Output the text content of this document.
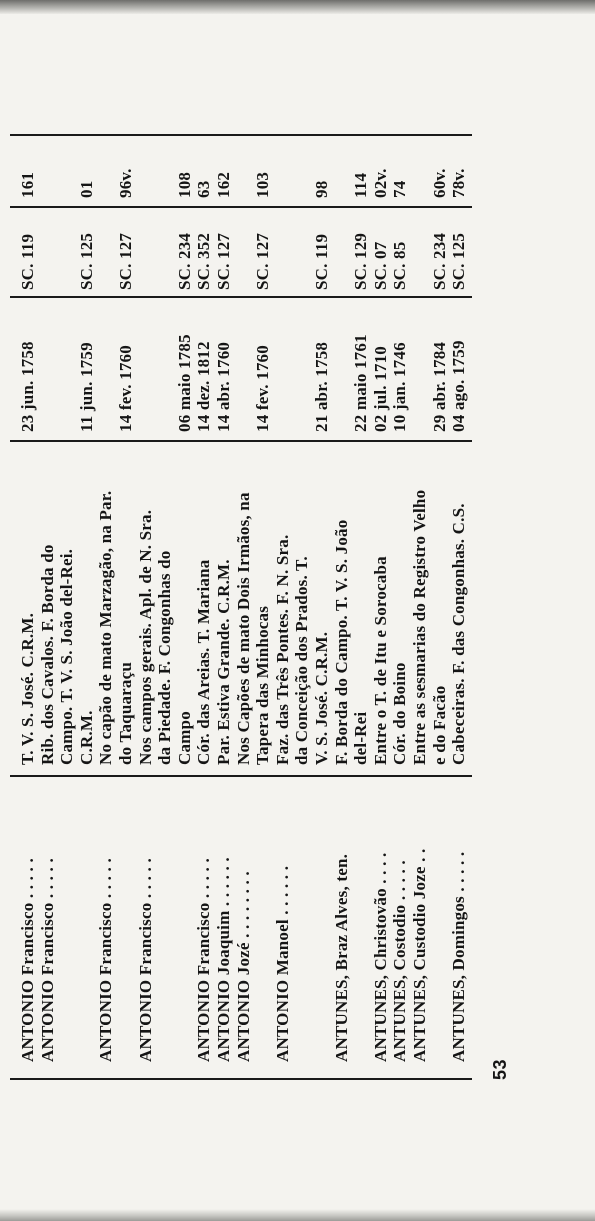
ANTONIO Francisco . . . . .
T. V. S. José. C.R.M.
23 jun. 1758
SC. 119
161
ANTONIO Francisco . . . . .
Rib. dos Cavalos. F. Borda do Campo. T. V. S. João del-Rei. C.R.M.
11 jun. 1759
SC. 125
01
ANTONIO Francisco . . . . .
No capão de mato Marzagão, na Par. do Taquaraçu
14 fev. 1760
SC. 127
96v.
ANTONIO Francisco . . . . .
Nos campos gerais. Apl. de N. Sra. da Piedade. F. Congonhas do Campo
06 maio 1785
SC. 234
108
ANTONIO Francisco . . . . .
Cór. das Areias. T. Mariana
14 dez. 1812
SC. 352
63
ANTONIO Joaquim . . . . . .
Par. Estiva Grande. C.R.M.
14 abr. 1760
SC. 127
162
ANTONIO Jozé . . . . . . . .
Nos Capões de mato Dois Irmãos, na Tapera das Minhocas
14 fev. 1760
SC. 127
103
ANTONIO Manoel . . . . . .
Faz. das Três Pontes. F. N. Sra. da Conceição dos Prados. T. V. S. José. C.R.M.
21 abr. 1758
SC. 119
98
ANTUNES, Braz Alves, ten.
F. Borda do Campo. T. V. S. João del-Rei
22 maio 1761
SC. 129
114
ANTUNES, Christovão . . . .
Entre o T. de Itu e Sorocaba
02 jul. 1710
SC. 07
02v.
ANTUNES, Costodio . . . . .
Cór. do Boino
10 jan. 1746
SC. 85
74
ANTUNES, Custodio Joze . .
Entre as sesmarias do Registro Velho e do Facão
29 abr. 1784
SC. 234
60v.
ANTUNES, Domingos . . . . .
Cabeceiras. F. das Congonhas. C.S.
04 ago. 1759
SC. 125
78v.
53
